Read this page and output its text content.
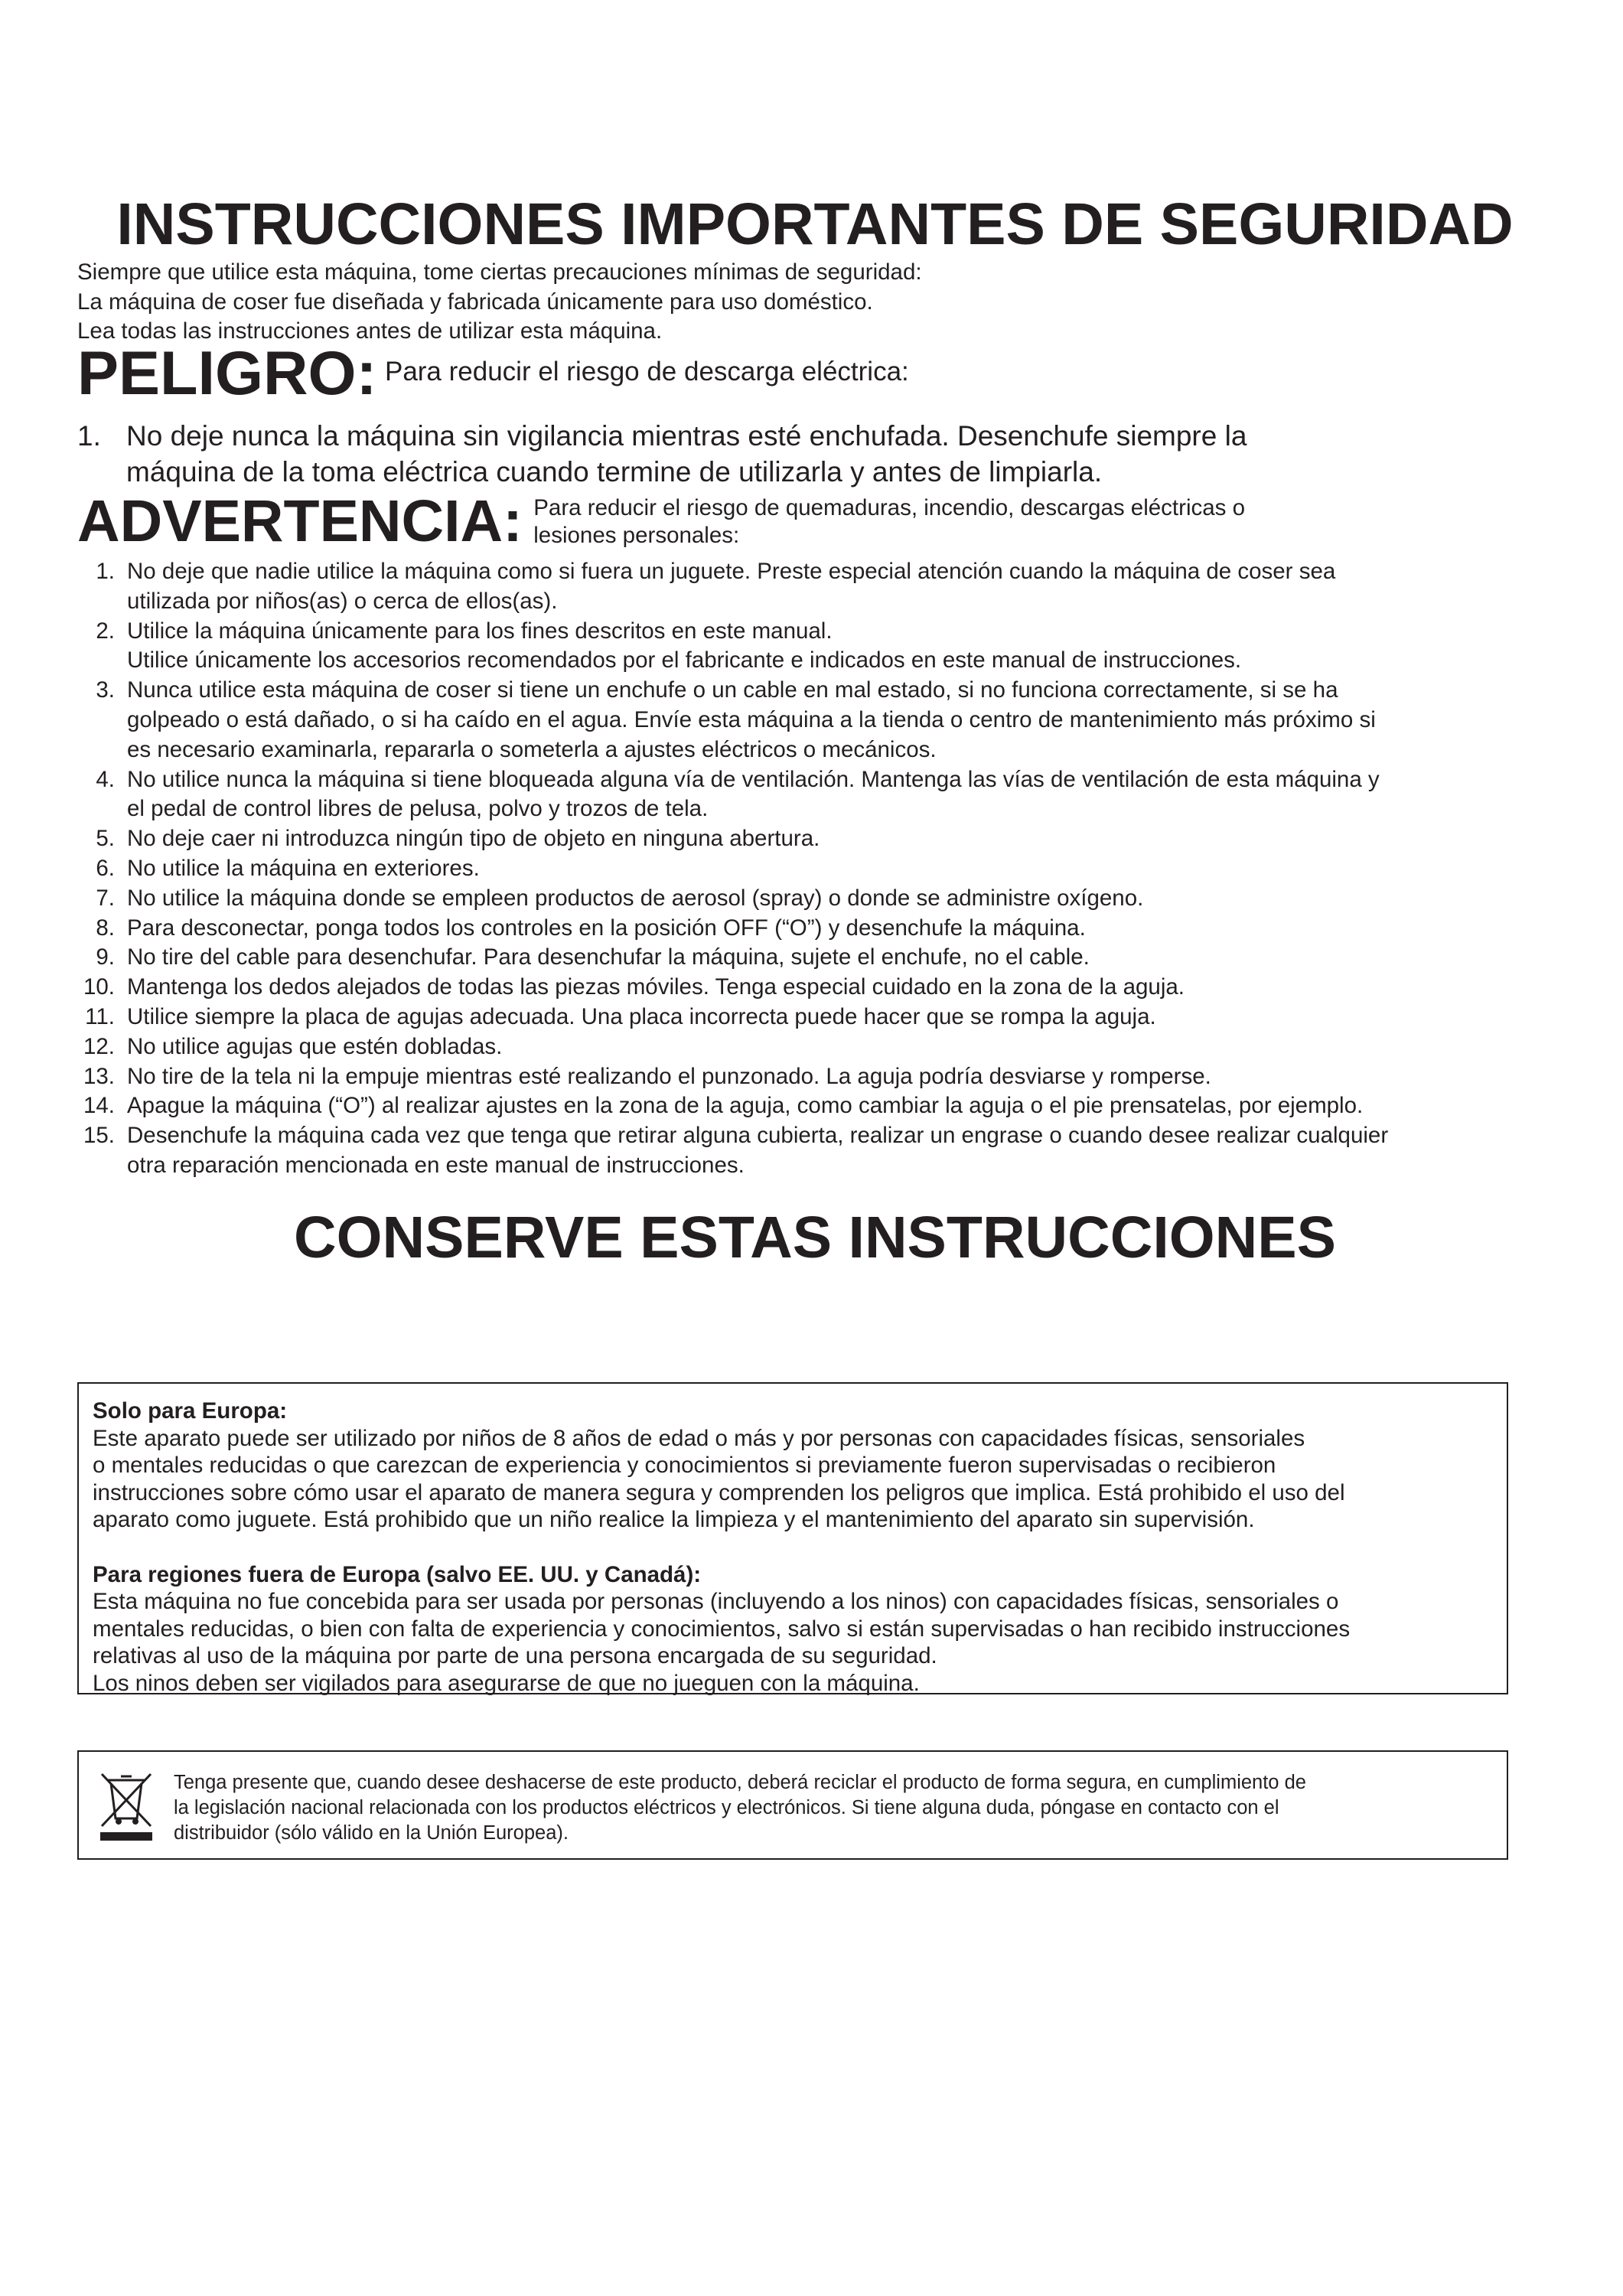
INSTRUCCIONES IMPORTANTES DE SEGURIDAD
Siempre que utilice esta máquina, tome ciertas precauciones mínimas de seguridad:
La máquina de coser fue diseñada y fabricada únicamente para uso doméstico.
Lea todas las instrucciones antes de utilizar esta máquina.
PELIGRO: Para reducir el riesgo de descarga eléctrica:
1. No deje nunca la máquina sin vigilancia mientras esté enchufada. Desenchufe siempre la
máquina de la toma eléctrica cuando termine de utilizarla y antes de limpiarla.
ADVERTENCIA: Para reducir el riesgo de quemaduras, incendio, descargas eléctricas o
lesiones personales:
1. No deje que nadie utilice la máquina como si fuera un juguete. Preste especial atención cuando la máquina de coser sea
utilizada por niños(as) o cerca de ellos(as).
2. Utilice la máquina únicamente para los fines descritos en este manual.
Utilice únicamente los accesorios recomendados por el fabricante e indicados en este manual de instrucciones.
3. Nunca utilice esta máquina de coser si tiene un enchufe o un cable en mal estado, si no funciona correctamente, si se ha
golpeado o está dañado, o si ha caído en el agua. Envíe esta máquina a la tienda o centro de mantenimiento más próximo si
es necesario examinarla, repararla o someterla a ajustes eléctricos o mecánicos.
4. No utilice nunca la máquina si tiene bloqueada alguna vía de ventilación. Mantenga las vías de ventilación de esta máquina y
el pedal de control libres de pelusa, polvo y trozos de tela.
5. No deje caer ni introduzca ningún tipo de objeto en ninguna abertura.
6. No utilice la máquina en exteriores.
7. No utilice la máquina donde se empleen productos de aerosol (spray) o donde se administre oxígeno.
8. Para desconectar, ponga todos los controles en la posición OFF (“O”) y desenchufe la máquina.
9. No tire del cable para desenchufar. Para desenchufar la máquina, sujete el enchufe, no el cable.
10. Mantenga los dedos alejados de todas las piezas móviles. Tenga especial cuidado en la zona de la aguja.
11. Utilice siempre la placa de agujas adecuada. Una placa incorrecta puede hacer que se rompa la aguja.
12. No utilice agujas que estén dobladas.
13. No tire de la tela ni la empuje mientras esté realizando el punzonado. La aguja podría desviarse y romperse.
14. Apague la máquina (“O”) al realizar ajustes en la zona de la aguja, como cambiar la aguja o el pie prensatelas, por ejemplo.
15. Desenchufe la máquina cada vez que tenga que retirar alguna cubierta, realizar un engrase o cuando desee realizar cualquier
otra reparación mencionada en este manual de instrucciones.
CONSERVE ESTAS INSTRUCCIONES
Solo para Europa:
Este aparato puede ser utilizado por niños de 8 años de edad o más y por personas con capacidades físicas, sensoriales
o mentales reducidas o que carezcan de experiencia y conocimientos si previamente fueron supervisadas o recibieron
instrucciones sobre cómo usar el aparato de manera segura y comprenden los peligros que implica. Está prohibido el uso del
aparato como juguete. Está prohibido que un niño realice la limpieza y el mantenimiento del aparato sin supervisión.
Para regiones fuera de Europa (salvo EE. UU. y Canadá):
Esta máquina no fue concebida para ser usada por personas (incluyendo a los ninos) con capacidades físicas, sensoriales o
mentales reducidas, o bien con falta de experiencia y conocimientos, salvo si están supervisadas o han recibido instrucciones
relativas al uso de la máquina por parte de una persona encargada de su seguridad.
Los ninos deben ser vigilados para asegurarse de que no jueguen con la máquina.
Tenga presente que, cuando desee deshacerse de este producto, deberá reciclar el producto de forma segura, en cumplimiento de
la legislación nacional relacionada con los productos eléctricos y electrónicos. Si tiene alguna duda, póngase en contacto con el
distribuidor (sólo válido en la Unión Europea).
